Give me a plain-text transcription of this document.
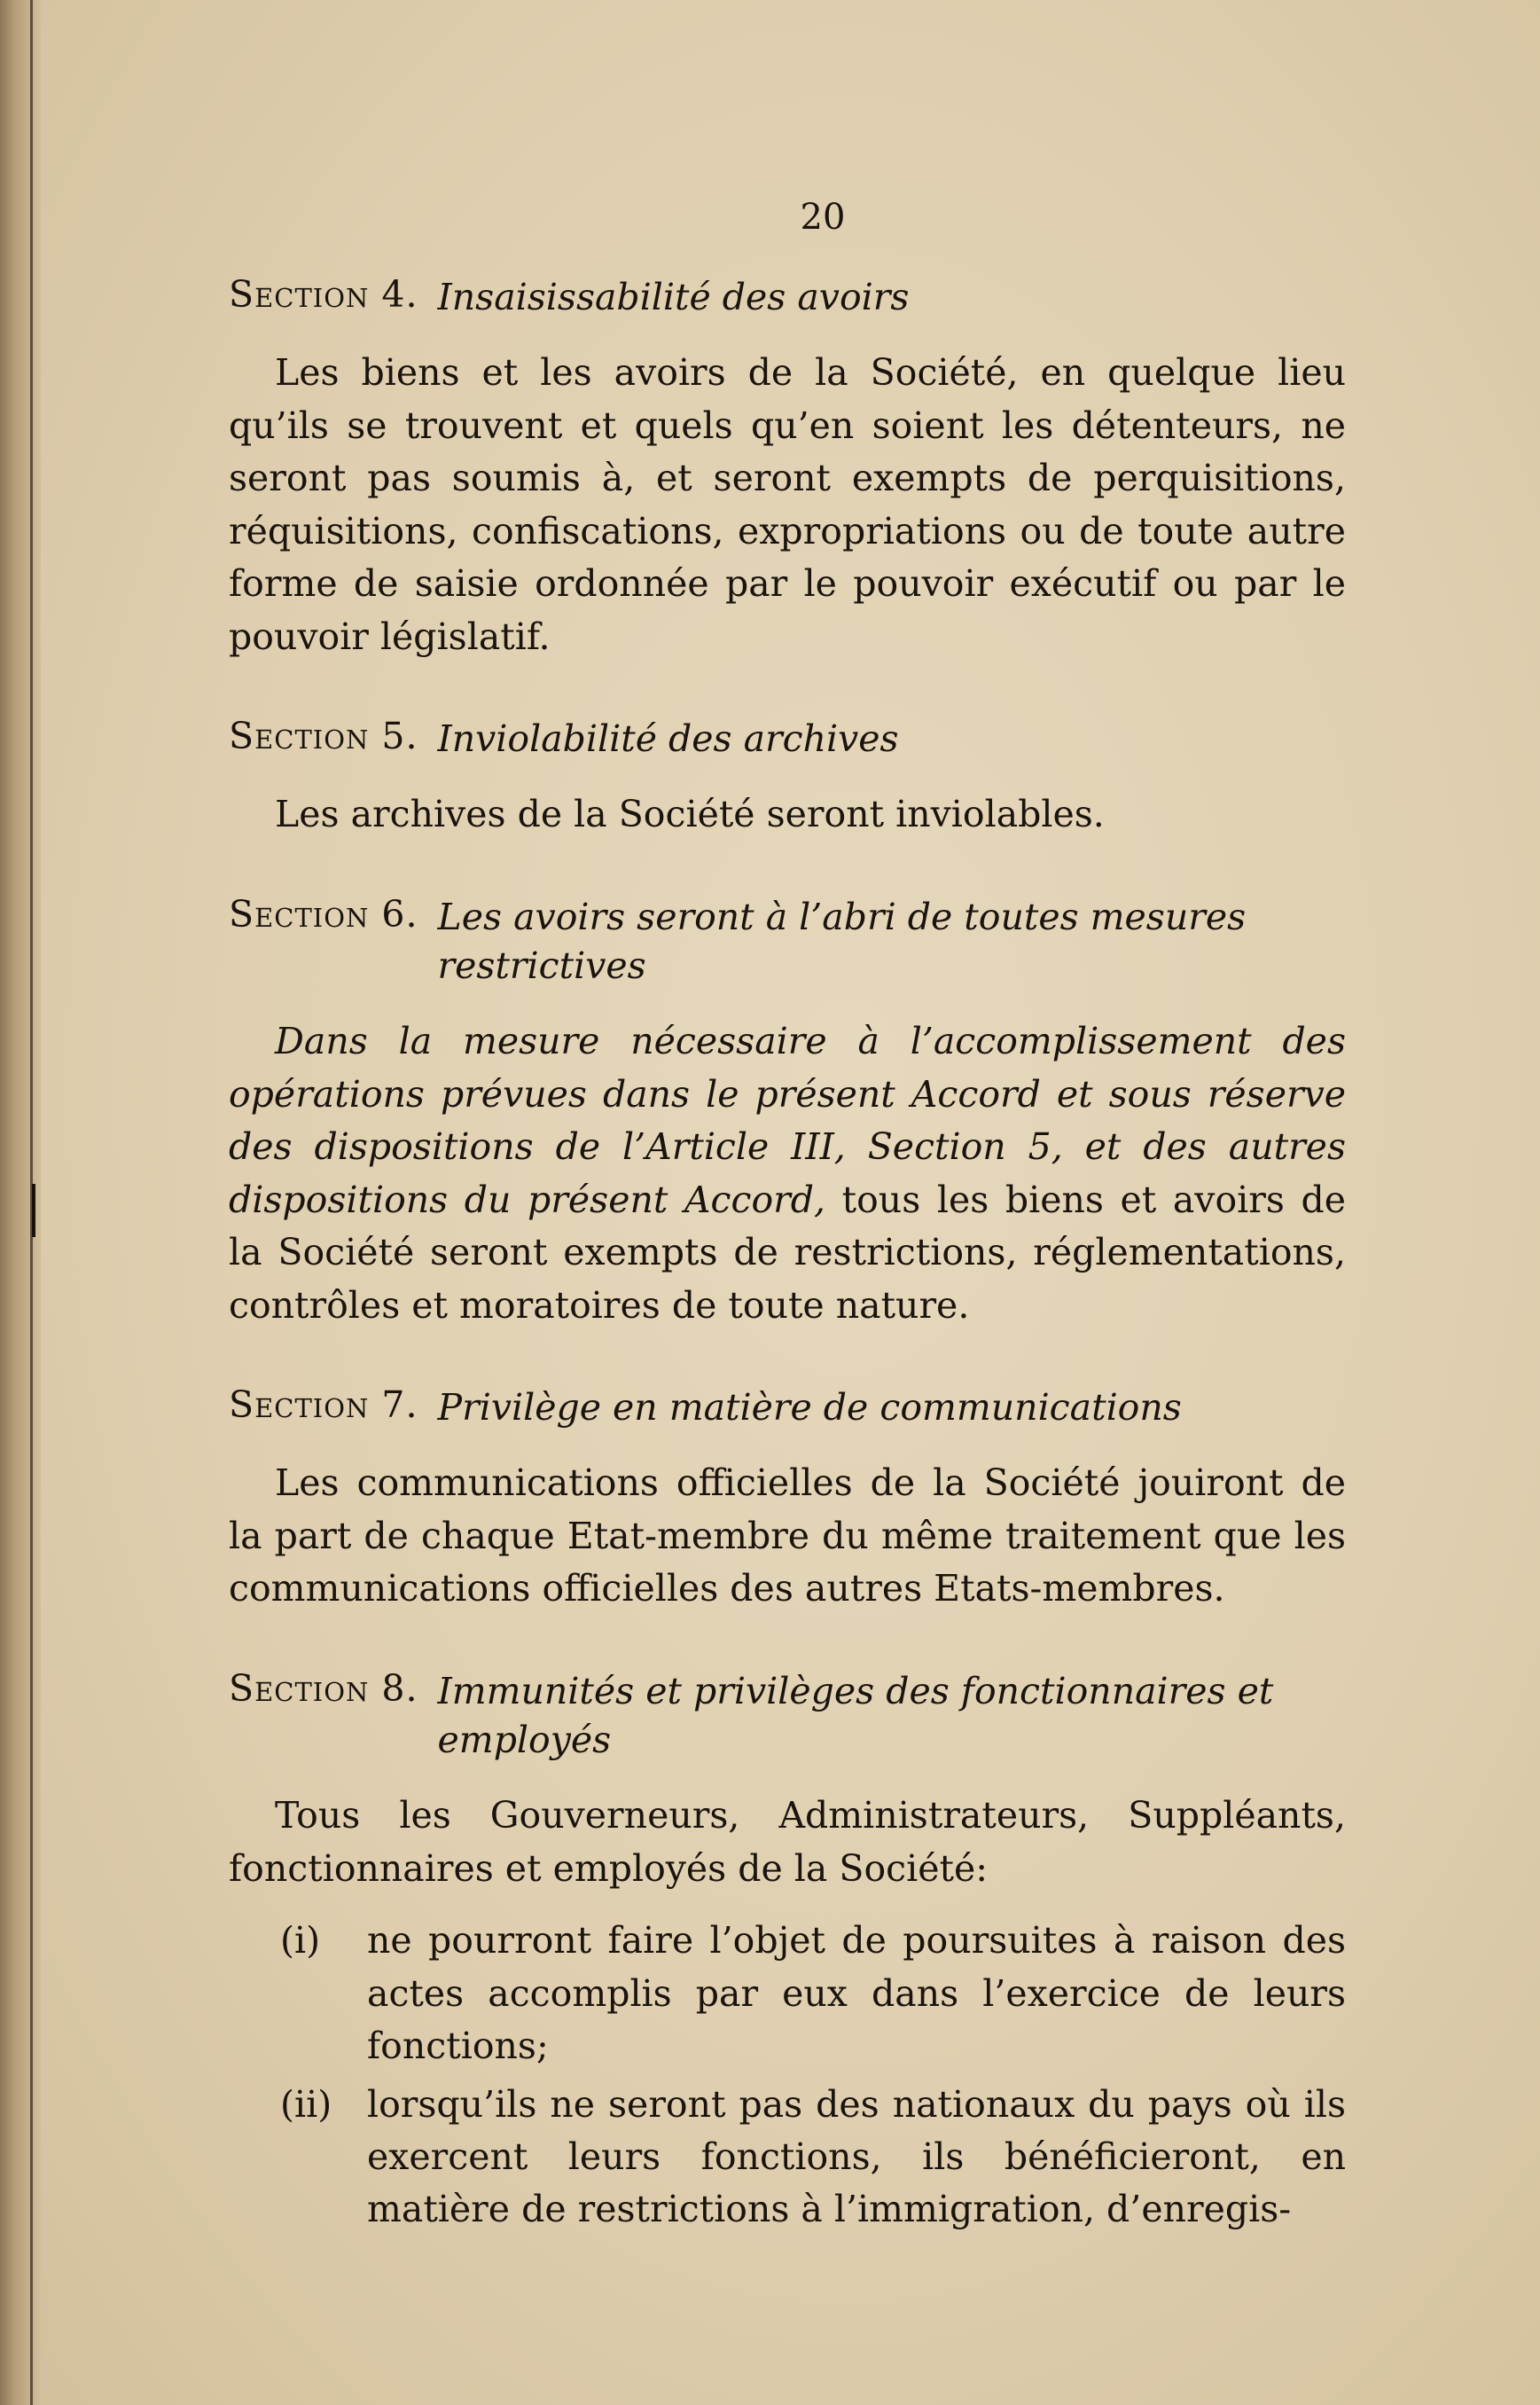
20
Section 4. Insaisissabilité des avoirs

Les biens et les avoirs de la Société, en quelque lieu qu’ils se trouvent et quels qu’en soient les détenteurs, ne seront pas soumis à, et seront exempts de perquisitions, réquisitions, confiscations, expropriations ou de toute autre forme de saisie ordonnée par le pouvoir exécutif ou par le pouvoir législatif.

Section 5. Inviolabilité des archives

Les archives de la Société seront inviolables.

Section 6. Les avoirs seront à l’abri de toutes mesures restrictives

Dans la mesure nécessaire à l’accomplissement des opérations prévues dans le présent Accord et sous réserve des dispositions de l’Article III, Section 5, et des autres dispositions du présent Accord, tous les biens et avoirs de la Société seront exempts de restrictions, réglementations, contrôles et moratoires de toute nature.

Section 7. Privilège en matière de communications

Les communications officielles de la Société jouiront de la part de chaque Etat-membre du même traitement que les communications officielles des autres Etats-membres.

Section 8. Immunités et privilèges des fonctionnaires et employés

Tous les Gouverneurs, Administrateurs, Suppléants, fonctionnaires et employés de la Société:

(i)	ne pourront faire l’objet de poursuites à raison des actes accomplis par eux dans l’exercice de leurs fonctions;
(ii) lorsqu’ils ne seront pas des nationaux du pays où ils exercent leurs fonctions, ils bénéficieront, en matière de restrictions à l’immigration, d’enregis-
